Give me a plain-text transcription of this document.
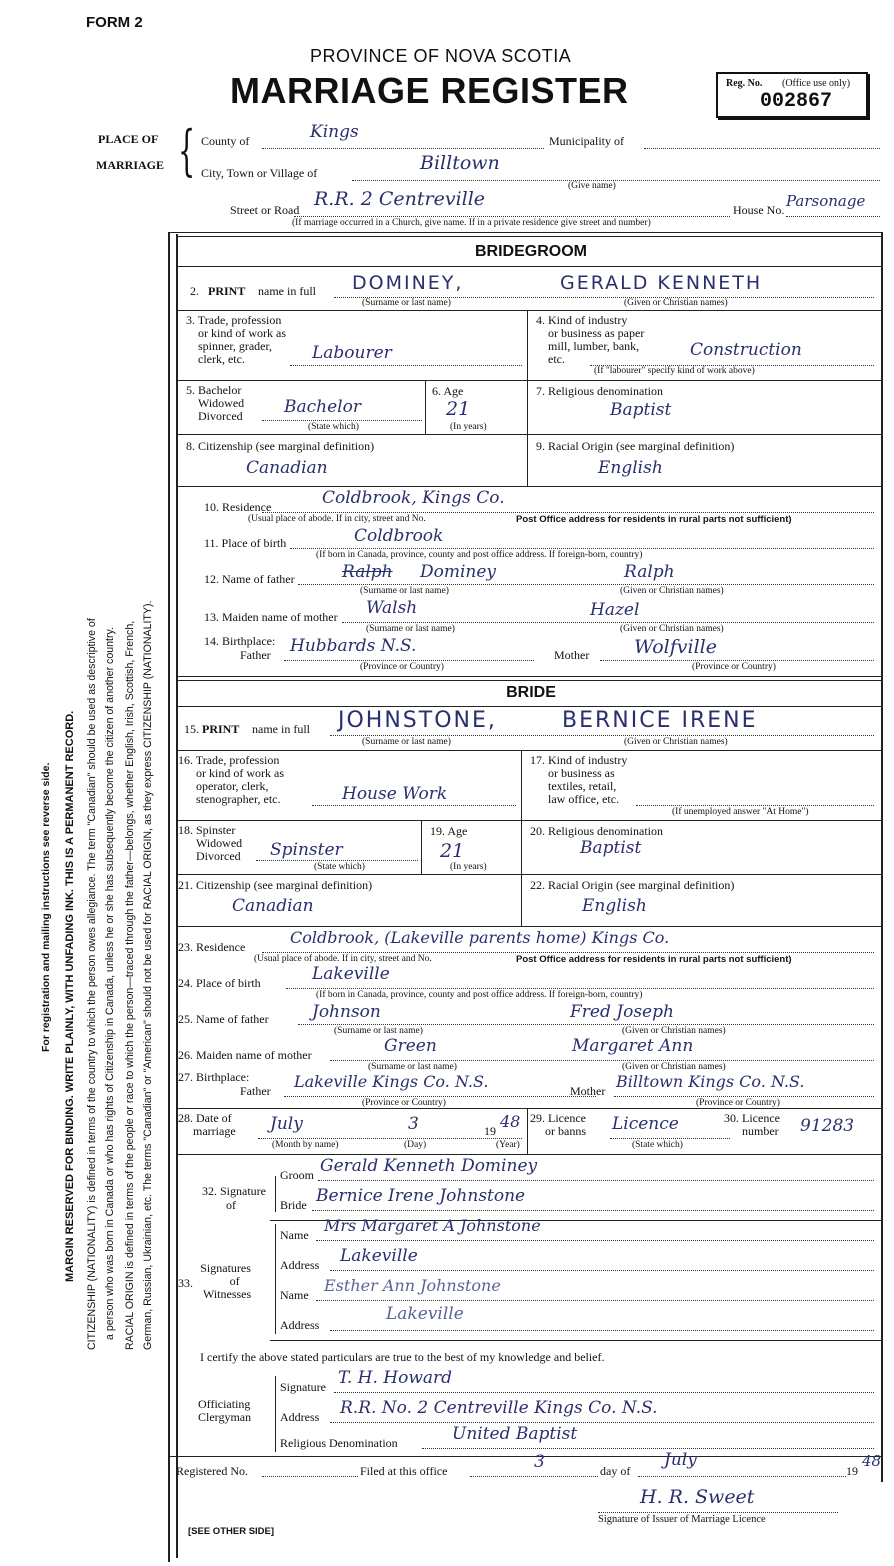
FORM 2
PROVINCE OF NOVA SCOTIA
MARRIAGE REGISTER	Reg. No. (Office use only)
002867
For registration and mailing instructions see reverse side. MARGIN RESERVED FOR BINDING. WRITE PLAINLY, WITH UNFADING INK. THIS IS A PERMANENT RECORD. CITIZENSHIP (NATIONALITY) is defined in terms of the country to which the person owes allegiance. The term "Canadian" should be used as descriptive of a person who was born in Canada or who has rights of Citizenship in Canada, unless he or she has subsequently become the citizen of another country. RACIAL ORIGIN is defined in terms of the people or race to which the person—traced through the father—belongs, whether English, Irish, Scottish, French, German, Russian, Ukrainian, etc. The terms "Canadian" or "American" should not be used for RACIAL ORIGIN, as they express CITIZENSHIP (NATIONALITY).
PLACE OF
MARRIAGE { County of	Kings	Municipality of
City, Town or Village of	Billtown
(Give name)
Street or Road R.R. 2 Centreville	House No. Parsonage
(If marriage occurred in a Church, give name. If in a private residence give street and number)
BRIDEGROOM
2. PRINT name in full DOMINEY,	GERALD KENNETH
(Surname or last name)	(Given or Christian names)
3. Trade, profession
or kind of work as
spinner, grader,
clerk, etc.	Labourer
4. Kind of industry
or business as paper
mill, lumber, bank,
etc.	Construction
(If "labourer" specify kind of work above)
5. Bachelor
Widowed
Divorced Bachelor
(State which)
6. Age
21
(In years)
7. Religious denomination
Baptist
8. Citizenship (see marginal definition)
Canadian
9. Racial Origin (see marginal definition)
English
10. Residence	Coldbrook, Kings Co.
(Usual place of abode. If in city, street and No.	Post Office address for residents in rural parts not sufficient)
11. Place of birth	Coldbrook
(If born in Canada, province, county and post office address. If foreign-born, country)
12. Name of father	Ralph Dominey	Ralph
(Surname or last name)	(Given or Christian names)
13. Maiden name of mother Walsh	Hazel
(Surname or last name)	(Given or Christian names)
14. Birthplace:
Father Hubbards N.S.	Mother Wolfville
(Province or Country)	(Province or Country)
BRIDE
15. PRINT name in full JOHNSTONE,	BERNICE IRENE
(Surname or last name)	(Given or Christian names)
16. Trade, profession
or kind of work as
operator, clerk,
stenographer, etc.	House Work
17. Kind of industry
or business as
textiles, retail,
law office, etc.
(If unemployed answer "At Home")
18. Spinster
Widowed
Divorced Spinster
(State which)
19. Age
21
(In years)
20. Religious denomination
Baptist
21. Citizenship (see marginal definition)
Canadian
22. Racial Origin (see marginal definition)
English
23. Residence	Coldbrook, (Lakeville parents home) Kings Co.
(Usual place of abode. If in city, street and No.	Post Office address for residents in rural parts not sufficient)
24. Place of birth	Lakeville
(If born in Canada, province, county and post office address. If foreign-born, country)
25. Name of father	Johnson	Fred Joseph
(Surname or last name)	(Given or Christian names)
26. Maiden name of mother	Green	Margaret Ann
(Surname or last name)	(Given or Christian names)
27. Birthplace:
Father Lakeville Kings Co. N.S.	Mother Billtown Kings Co. N.S.
(Province or Country)	(Province or Country)
28. Date of
marriage July	3	19 48
(Month by name)	(Day)	(Year)
29. Licence
or banns Licence
(State which)
30. Licence
number 91283
32. Signature
of
Groom Gerald Kenneth Dominey
Bride Bernice Irene Johnstone
Signatures
of
Witnesses
33.
Name Mrs Margaret A Johnstone
Address Lakeville
Name Esther Ann Johnstone
Address
Lakeville
I certify the above stated particulars are true to the best of my knowledge and belief.
Officiating
Clergyman
Signature T. H. Howard
Address R.R. No. 2 Centreville Kings Co. N.S.
Religious Denomination	United Baptist
Registered No.	Filed at this office	3	day of
July
19
48
H. R. Sweet
Signature of Issuer of Marriage Licence
[SEE OTHER SIDE]
